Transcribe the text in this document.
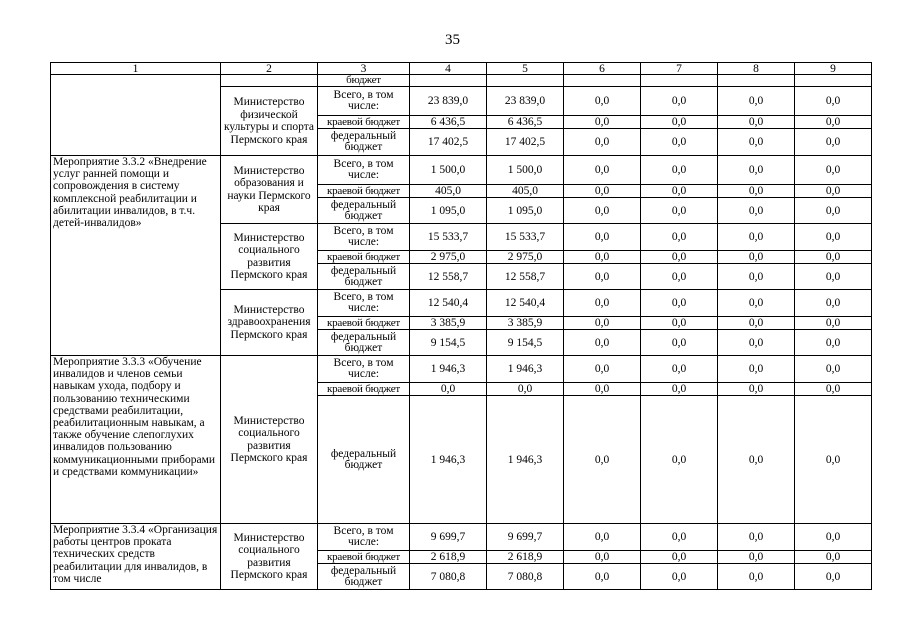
35
1	2	3	4	5	6	7	8	9
		бюджет						
	Министерство физической культуры и спорта Пермского края	Всего, в том числе:	23 839,0	23 839,0	0,0	0,0	0,0	0,0
		краевой бюджет	6 436,5	6 436,5	0,0	0,0	0,0	0,0
		федеральный бюджет	17 402,5	17 402,5	0,0	0,0	0,0	0,0
Мероприятие 3.3.2 «Внедрение услуг ранней помощи и сопровождения в систему комплексной реабилитации и абилитации инвалидов, в т.ч. детей-инвалидов»	Министерство образования и науки Пермского края	Всего, в том числе:	1 500,0	1 500,0	0,0	0,0	0,0	0,0
		краевой бюджет	405,0	405,0	0,0	0,0	0,0	0,0
		федеральный бюджет	1 095,0	1 095,0	0,0	0,0	0,0	0,0
	Министерство социального развития Пермского края	Всего, в том числе:	15 533,7	15 533,7	0,0	0,0	0,0	0,0
		краевой бюджет	2 975,0	2 975,0	0,0	0,0	0,0	0,0
		федеральный бюджет	12 558,7	12 558,7	0,0	0,0	0,0	0,0
	Министерство здравоохранения Пермского края	Всего, в том числе:	12 540,4	12 540,4	0,0	0,0	0,0	0,0
		краевой бюджет	3 385,9	3 385,9	0,0	0,0	0,0	0,0
		федеральный бюджет	9 154,5	9 154,5	0,0	0,0	0,0	0,0
Мероприятие 3.3.3 «Обучение инвалидов и членов семьи навыкам ухода, подбору и пользованию техническими средствами реабилитации, реабилитационным навыкам, а также обучение слепоглухих инвалидов пользованию коммуникационными приборами и средствами коммуникации»	Министерство социального развития Пермского края	Всего, в том числе:	1 946,3	1 946,3	0,0	0,0	0,0	0,0
		краевой бюджет	0,0	0,0	0,0	0,0	0,0	0,0
		федеральный бюджет	1 946,3	1 946,3	0,0	0,0	0,0	0,0
Мероприятие 3.3.4 «Организация работы центров проката технических средств реабилитации для инвалидов, в том числе	Министерство социального развития Пермского края	Всего, в том числе:	9 699,7	9 699,7	0,0	0,0	0,0	0,0
		краевой бюджет	2 618,9	2 618,9	0,0	0,0	0,0	0,0
		федеральный бюджет	7 080,8	7 080,8	0,0	0,0	0,0	0,0
